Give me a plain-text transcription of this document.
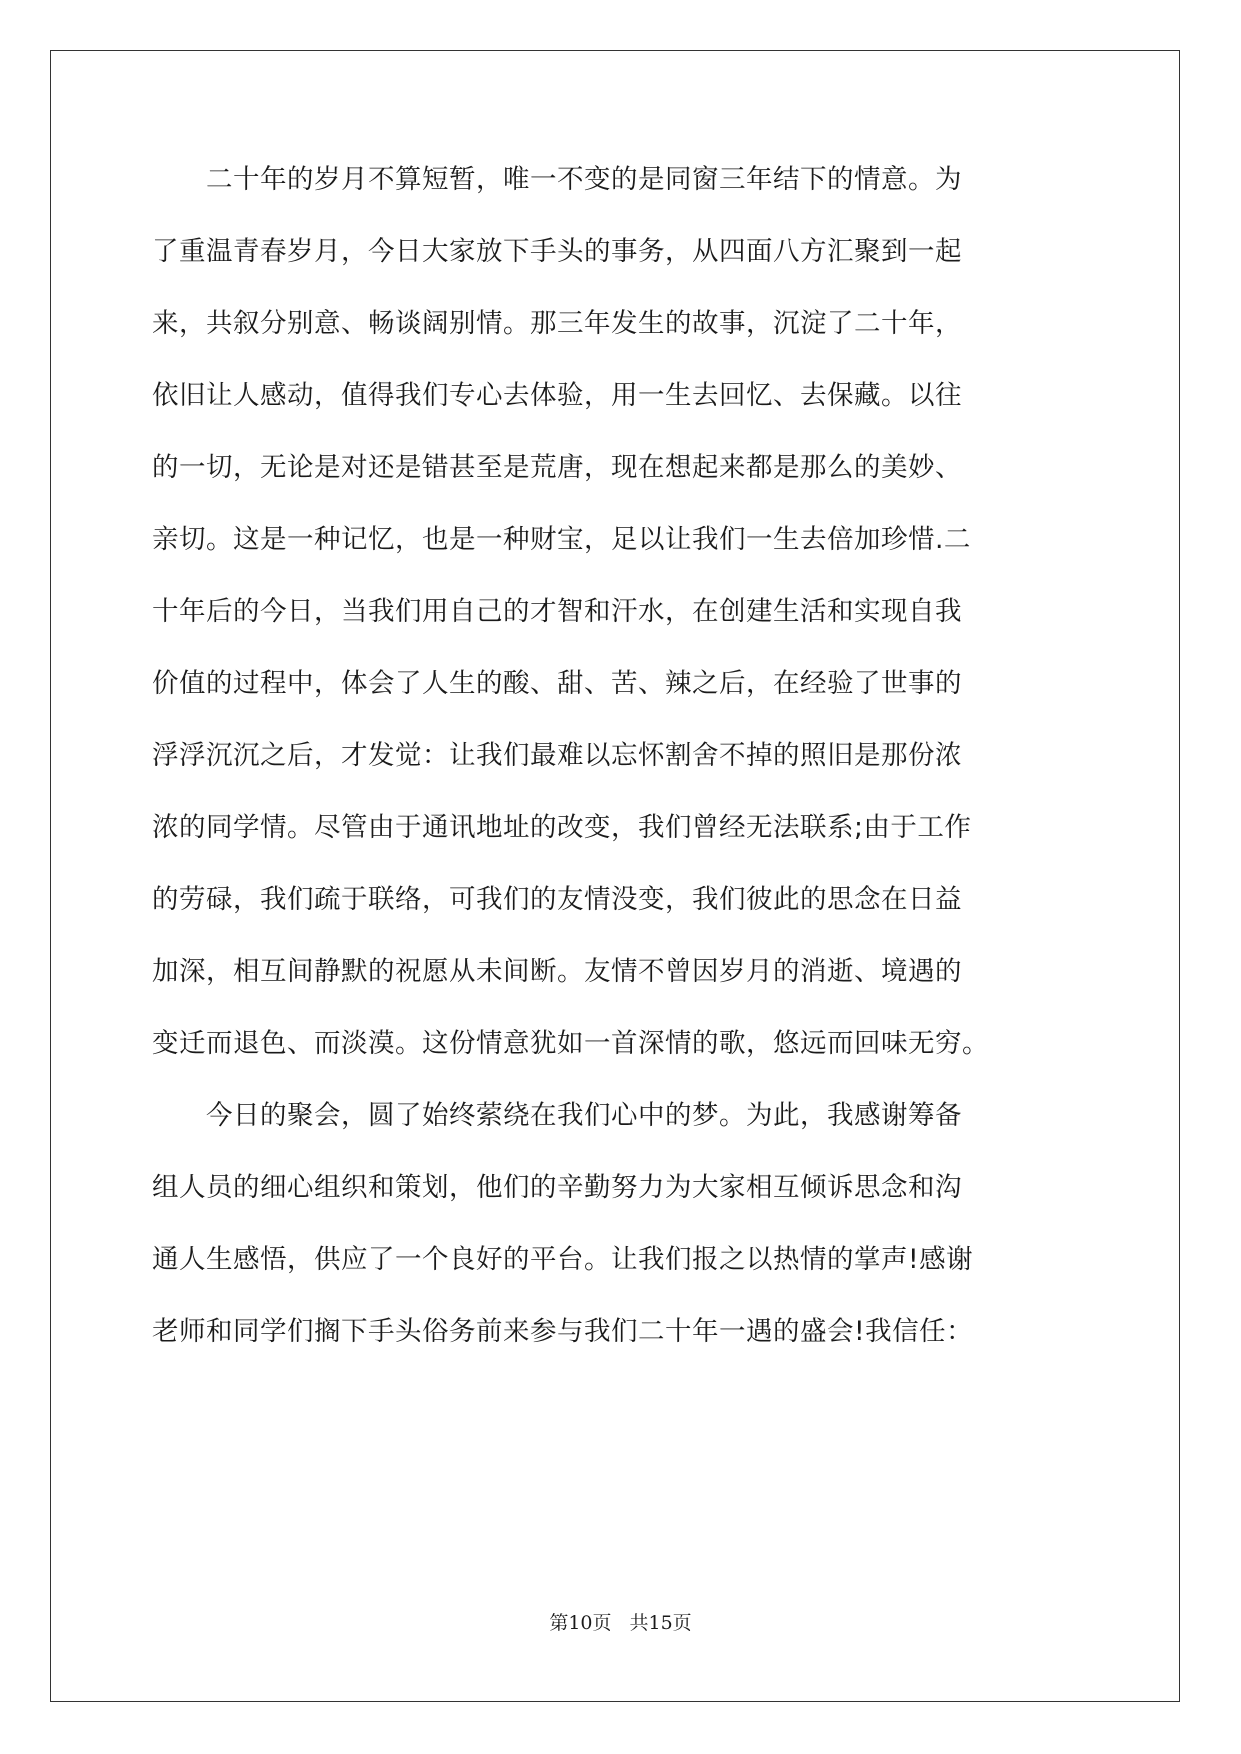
　　二十年的岁月不算短暂，唯一不变的是同窗三年结下的情意。为
了重温青春岁月，今日大家放下手头的事务，从四面八方汇聚到一起
来，共叙分别意、畅谈阔别情。那三年发生的故事，沉淀了二十年，
依旧让人感动，值得我们专心去体验，用一生去回忆、去保藏。以往
的一切，无论是对还是错甚至是荒唐，现在想起来都是那么的美妙、
亲切。这是一种记忆，也是一种财宝，足以让我们一生去倍加珍惜.二
十年后的今日，当我们用自己的才智和汗水，在创建生活和实现自我
价值的过程中，体会了人生的酸、甜、苦、辣之后，在经验了世事的
浮浮沉沉之后，才发觉：让我们最难以忘怀割舍不掉的照旧是那份浓
浓的同学情。尽管由于通讯地址的改变，我们曾经无法联系;由于工作
的劳碌，我们疏于联络，可我们的友情没变，我们彼此的思念在日益
加深，相互间静默的祝愿从未间断。友情不曾因岁月的消逝、境遇的
变迁而退色、而淡漠。这份情意犹如一首深情的歌，悠远而回味无穷。
　　今日的聚会，圆了始终萦绕在我们心中的梦。为此，我感谢筹备
组人员的细心组织和策划，他们的辛勤努力为大家相互倾诉思念和沟
通人生感悟，供应了一个良好的平台。让我们报之以热情的掌声!感谢
老师和同学们搁下手头俗务前来参与我们二十年一遇的盛会!我信任：
第10页 共15页
